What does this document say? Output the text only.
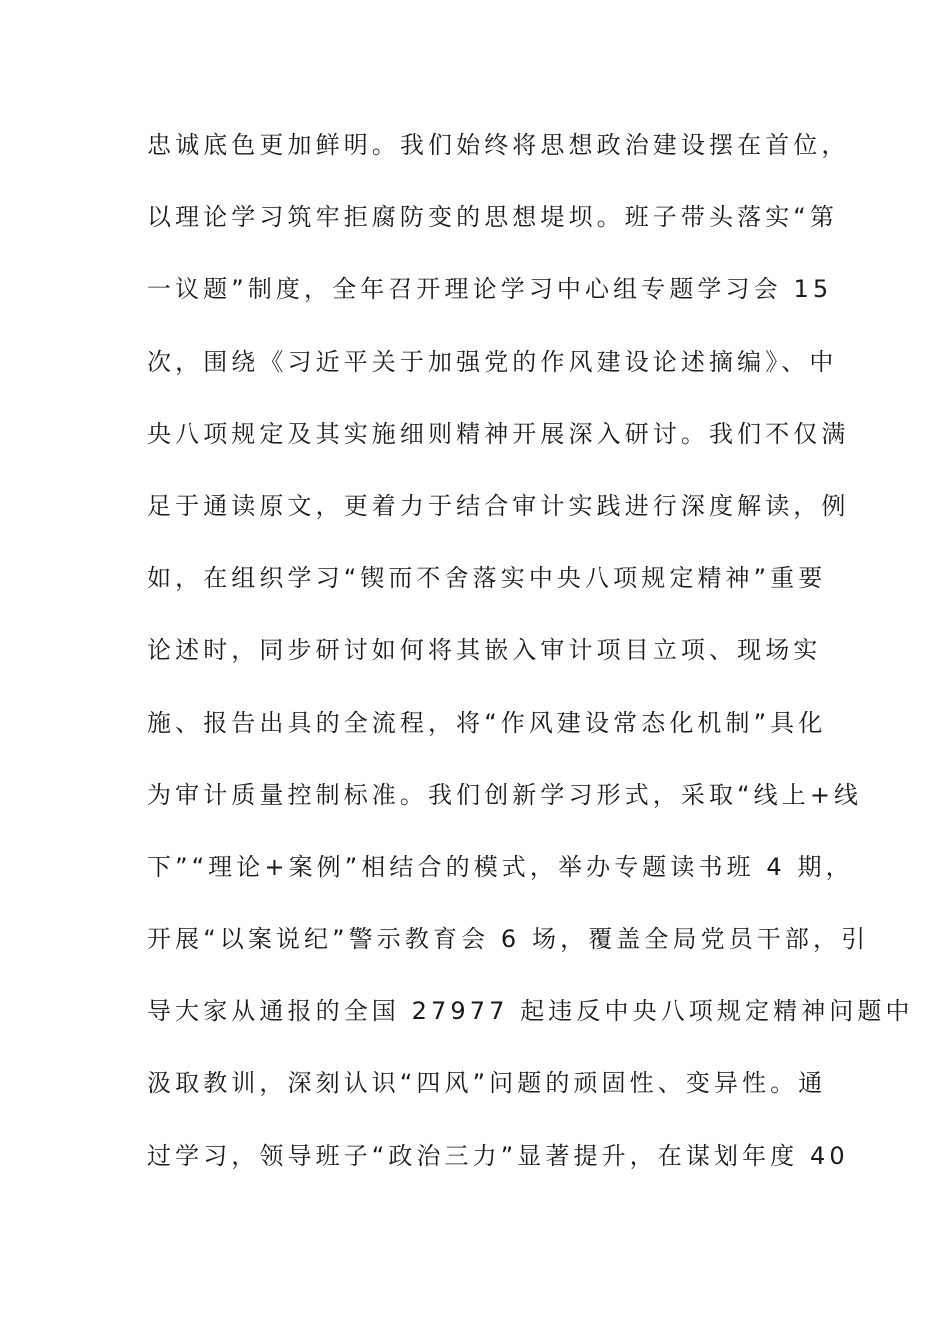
忠诚底色更加鲜明。我们始终将思想政治建设摆在首位，
以理论学习筑牢拒腐防变的思想堤坝。班子带头落实“第
一议题”制度，全年召开理论学习中心组专题学习会 15
次，围绕《习近平关于加强党的作风建设论述摘编》、中
央八项规定及其实施细则精神开展深入研讨。我们不仅满
足于通读原文，更着力于结合审计实践进行深度解读，例
如，在组织学习“锲而不舍落实中央八项规定精神”重要
论述时，同步研讨如何将其嵌入审计项目立项、现场实
施、报告出具的全流程，将“作风建设常态化机制”具化
为审计质量控制标准。我们创新学习形式，采取“线上+线
下”“理论+案例”相结合的模式，举办专题读书班 4 期，
开展“以案说纪”警示教育会 6 场，覆盖全局党员干部，引
导大家从通报的全国 27977 起违反中央八项规定精神问题中
汲取教训，深刻认识“四风”问题的顽固性、变异性。通
过学习，领导班子“政治三力”显著提升，在谋划年度 40
